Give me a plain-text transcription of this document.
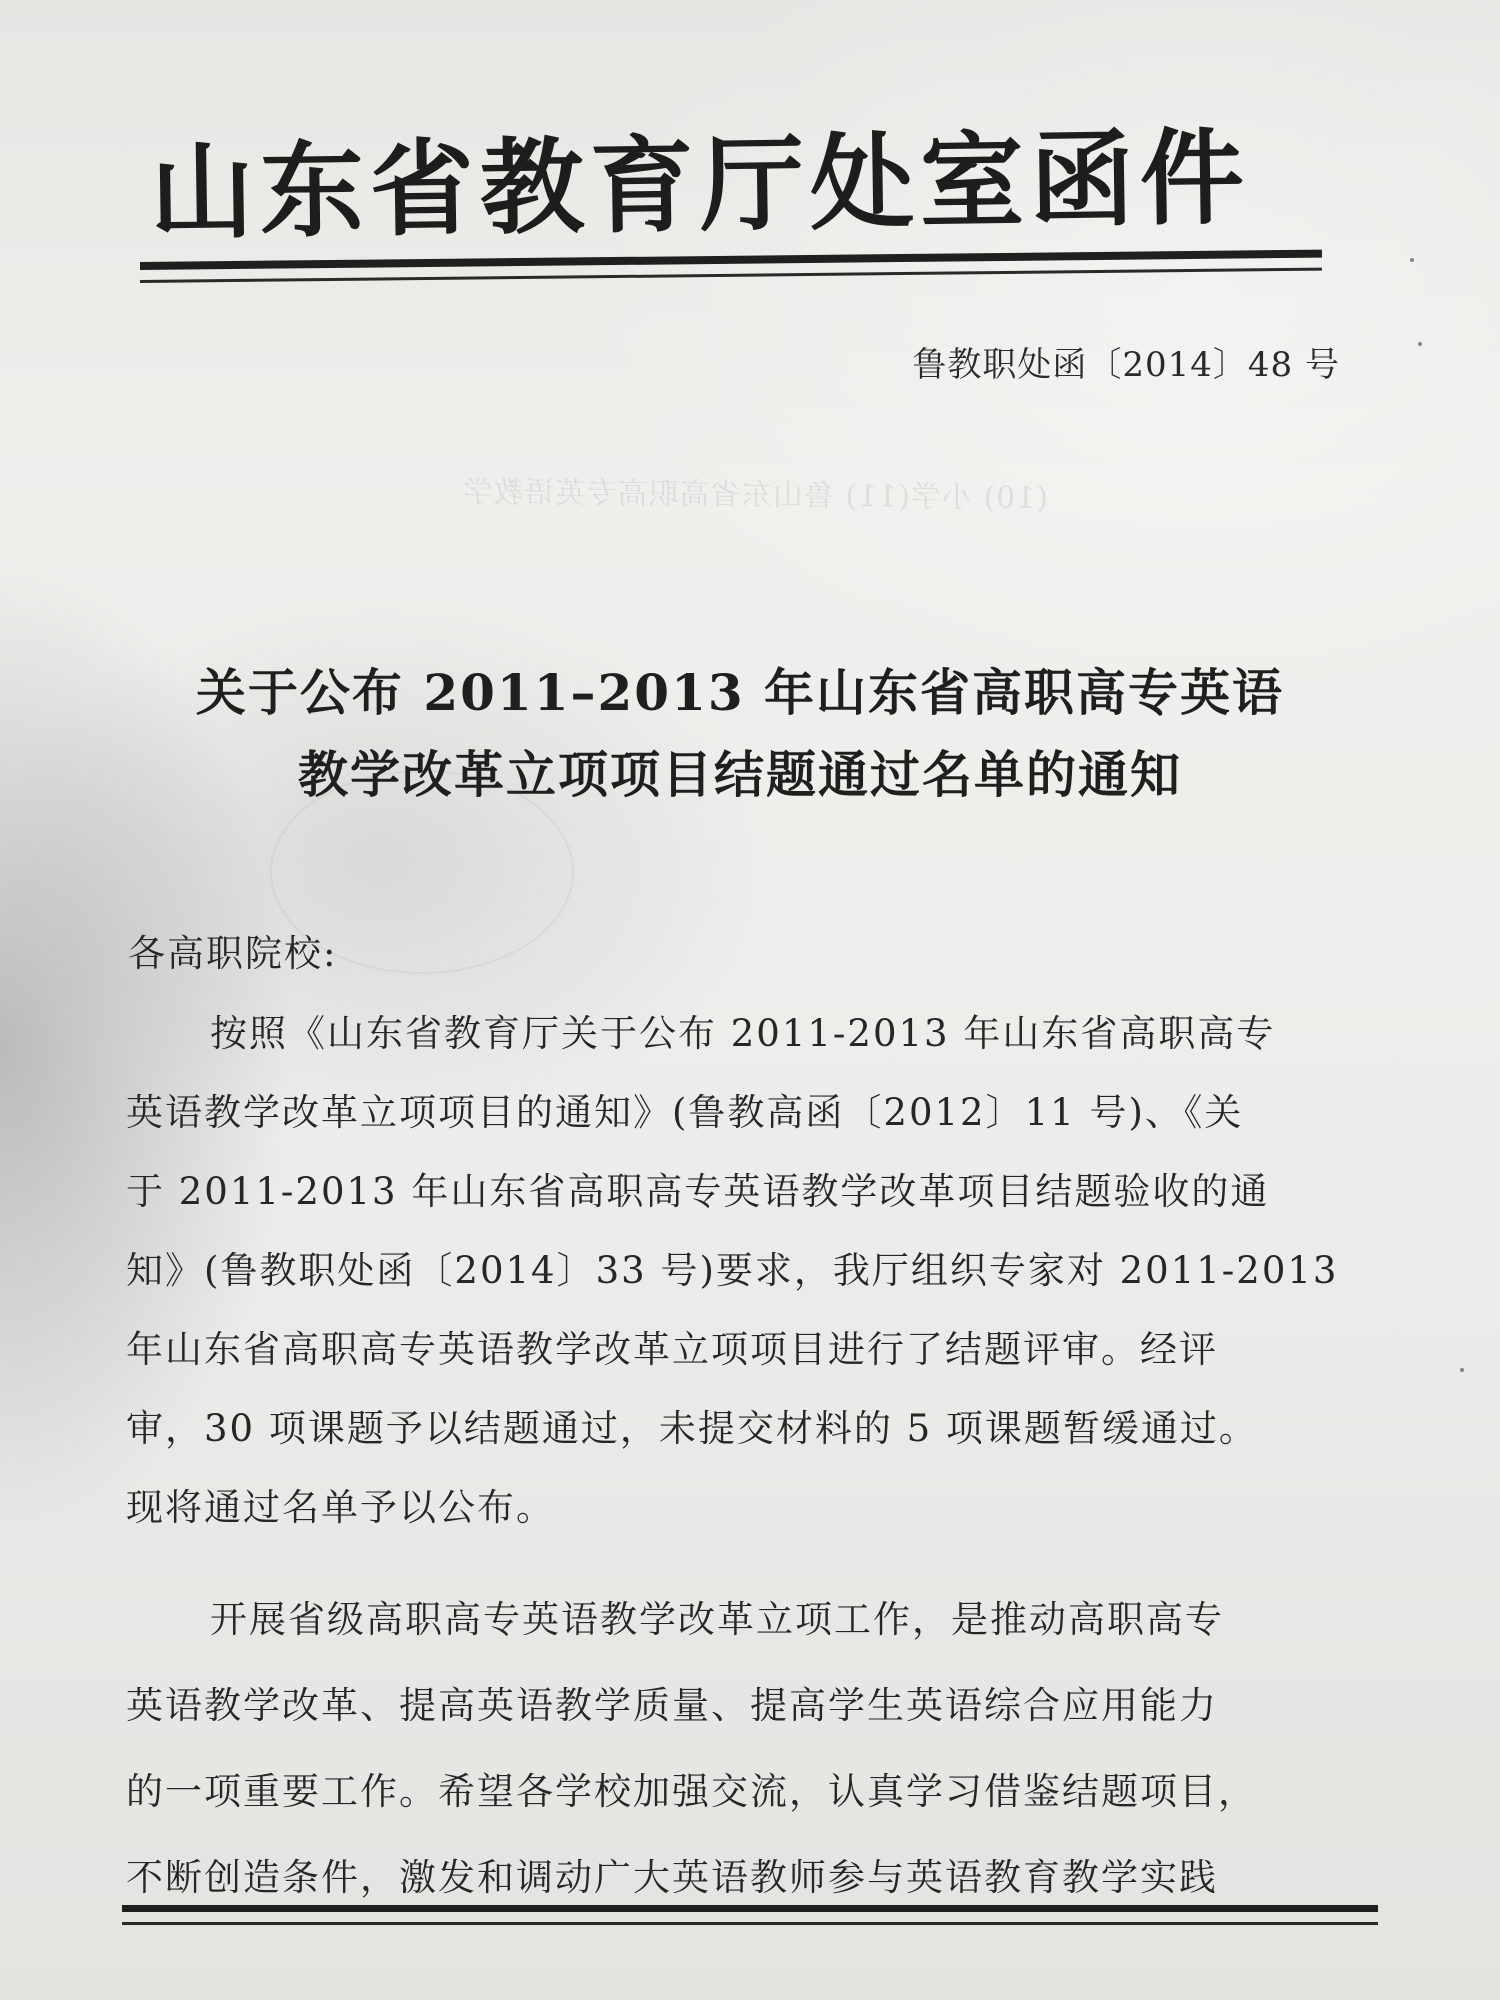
(10) 小学(11) 鲁山东省高职高专英语教学
山东省教育厅处室函件
鲁教职处函〔2014〕48 号
关于公布 2011–2013 年山东省高职高专英语
教学改革立项项目结题通过名单的通知
各高职院校:
按照《山东省教育厅关于公布 2011-2013 年山东省高职高专
英语教学改革立项项目的通知》(鲁教高函〔2012〕11 号)、《关
于 2011-2013 年山东省高职高专英语教学改革项目结题验收的通
知》(鲁教职处函〔2014〕33 号)要求，我厅组织专家对 2011-2013
年山东省高职高专英语教学改革立项项目进行了结题评审。经评
审，30 项课题予以结题通过，未提交材料的 5 项课题暂缓通过。
现将通过名单予以公布。
开展省级高职高专英语教学改革立项工作，是推动高职高专
英语教学改革、提高英语教学质量、提高学生英语综合应用能力
的一项重要工作。希望各学校加强交流，认真学习借鉴结题项目，
不断创造条件，激发和调动广大英语教师参与英语教育教学实践
